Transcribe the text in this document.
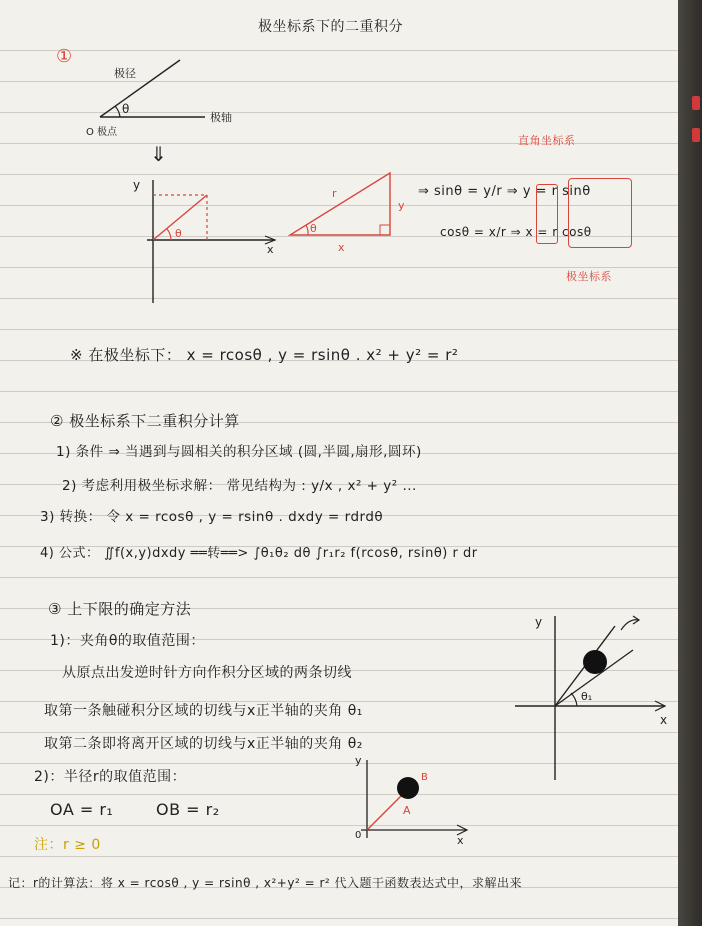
极坐标系下的二重积分
①
θ
极径
极轴
O 极点
⇓
θ
y
x
θ
r
y
x
直角坐标系
⇒ sinθ = y/r ⇒ y = r sinθ
cosθ = x/r ⇒ x = r cosθ
极坐标系
※ 在极坐标下： x = rcosθ , y = rsinθ . x² + y² = r²
② 极坐标系下二重积分计算
1) 条件 ⇒ 当遇到与圆相关的积分区域 (圆,半圆,扇形,圆环)
2) 考虑利用极坐标求解： 常见结构为 : y/x , x² + y² ...
3) 转换： 令 x = rcosθ , y = rsinθ . dxdy = rdrdθ
4) 公式： ∬f(x,y)dxdy ══转══> ∫θ₁θ₂ dθ ∫r₁r₂ f(rcosθ, rsinθ) r dr
③ 上下限的确定方法
1)：夹角θ的取值范围：
从原点出发逆时针方向作积分区域的两条切线
取第一条触碰积分区域的切线与x正半轴的夹角 θ₁
取第二条即将离开区域的切线与x正半轴的夹角 θ₂
2)：半径r的取值范围：
OA = r₁	OB = r₂
注：r ≥ 0
θ₁
y
x
A
B
0	x
y
记：r的计算法：将 x = rcosθ , y = rsinθ , x²+y² = r² 代入题干函数表达式中，求解出来
